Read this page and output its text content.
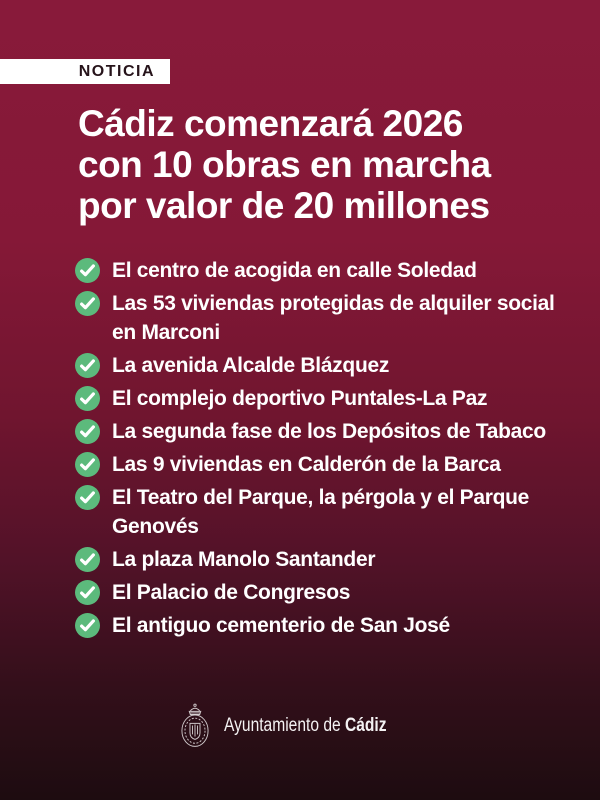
NOTICIA
Cádiz comenzará 2026
con 10 obras en marcha
por valor de 20 millones
El centro de acogida en calle Soledad
Las 53 viviendas protegidas de alquiler social en Marconi
La avenida Alcalde Blázquez
El complejo deportivo Puntales-La Paz
La segunda fase de los Depósitos de Tabaco
Las 9 viviendas en Calderón de la Barca
El Teatro del Parque, la pérgola y el Parque Genovés
La plaza Manolo Santander
El Palacio de Congresos
El antiguo cementerio de San José
Ayuntamiento de Cádiz
